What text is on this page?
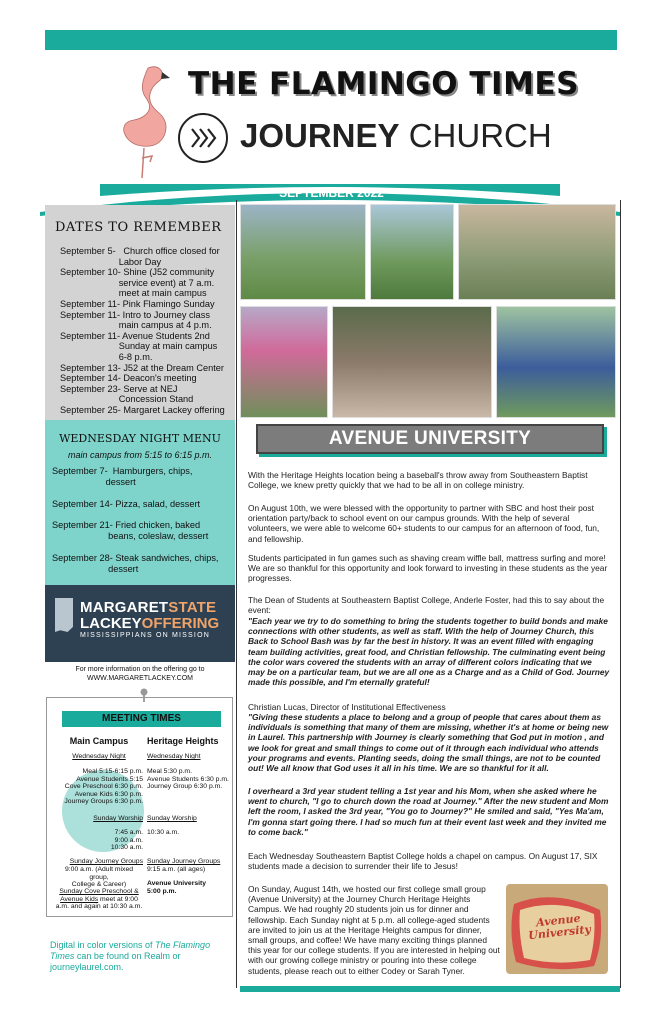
THE FLAMINGO TIMES
JOURNEY CHURCH
SEPTEMBER 2022
DATES TO REMEMBER
September 5-   Church office closed for
Labor Day
September 10- Shine (J52 community
service event) at 7 a.m.
meet at main campus
September 11- Pink Flamingo Sunday
September 11- Intro to Journey class
main campus at 4 p.m.
September 11- Avenue Students 2nd
Sunday at main campus
6-8 p.m.
September 13- J52 at the Dream Center
September 14- Deacon's meeting
September 23- Serve at NEJ
Concession Stand
September 25- Margaret Lackey offering
WEDNESDAY NIGHT MENU
main campus from 5:15 to 6:15 p.m.
September 7-  Hamburgers, chips,
dessert
September 14- Pizza, salad, dessert
September 21- Fried chicken, baked
beans, coleslaw, dessert
September 28- Steak sandwiches, chips,
dessert
MARGARETSTATE
LACKEYOFFERING
MISSISSIPPIANS ON MISSION
For more information on the offering go to
WWW.MARGARETLACKEY.COM
MEETING TIMES
Main Campus	Heritage Heights
Wednesday Night	Wednesday Night
Meal 5:15-6:15 p.m.
Avenue Students 5:15
Cove Preschool 6:30 p.m.
Avenue Kids 6:30 p.m.
Journey Groups 6:30 p.m.
Meal 5:30 p.m.
Avenue Students 6:30 p.m.
Journey Group 6:30 p.m.
Sunday Worship Sunday Worship
7:45 a.m.
9:00 a.m.
10:30 a.m.
10:30 a.m.
Sunday Journey Groups Sunday Journey Groups
9:00 a.m. (Adult mixed group,
College & Career)
9:15 a.m. (all ages)
Sunday Cove Preschool &
Avenue Kids meet at 9:00
a.m. and again at 10:30 a.m.
Avenue University
5:00 p.m.
Digital in color versions of The Flamingo Times can be found on Realm or journeylaurel.com.
AVENUE UNIVERSITY
With the Heritage Heights location being a baseball's throw away from Southeastern Baptist College, we knew pretty quickly that we had to be all in on college ministry.
On August 10th, we were blessed with the opportunity to partner with SBC and host their post orientation party/back to school event on our campus grounds. With the help of several volunteers, we were able to welcome 60+ students to our campus for an afternoon of food, fun, and fellowship.
Students participated in fun games such as shaving cream wiffle ball, mattress surfing and more! We are so thankful for this opportunity and look forward to investing in these students as the year progresses.
The Dean of Students at Southeastern Baptist College, Anderle Foster, had this to say about the event:
"Each year we try to do something to bring the students together to build bonds and make connections with other students, as well as staff. With the help of Journey Church, this Back to School Bash was by far the best in history. It was an event filled with engaging team building activities, great food, and Christian fellowship. The culminating event being the color wars covered the students with an array of different colors indicating that we may be on a particular team, but we are all one as a Charge and as a Child of God. Journey made this possible, and I'm eternally grateful!
Christian Lucas, Director of Institutional Effectiveness
"Giving these students a place to belong and a group of people that cares about them as individuals is something that many of them are missing, whether it's at home or being new in Laurel. This partnership with Journey is clearly something that God put in motion , and we look for great and small things to come out of it through each individual who attends your programs and events. Planting seeds, doing the small things, are not to be counted out! We all know that God uses it all in his time. We are so thankful for it all.
I overheard a 3rd year student telling a 1st year and his Mom, when she asked where he went to church, "I go to church down the road at Journey." After the new student and Mom left the room, I asked the 3rd year, "You go to Journey?" He smiled and said, "Yes Ma'am, I'm gonna start going there. I had so much fun at their event last week and they invited me to come back."
Each Wednesday Southeastern Baptist College holds a chapel on campus. On August 17, SIX students made a decision to surrender their life to Jesus!
On Sunday, August 14th, we hosted our first college small group (Avenue University) at the Journey Church Heritage Heights Campus. We had roughly 20 students join us for dinner and fellowship. Each Sunday night at 5 p.m. all college-aged students are invited to join us at the Heritage Heights campus for dinner, small groups, and coffee! We have many exciting things planned this year for our college students. If you are interested in helping out with our growing college ministry or pouring into these college students, please reach out to either Codey or Sarah Tyner.
Avenue University
